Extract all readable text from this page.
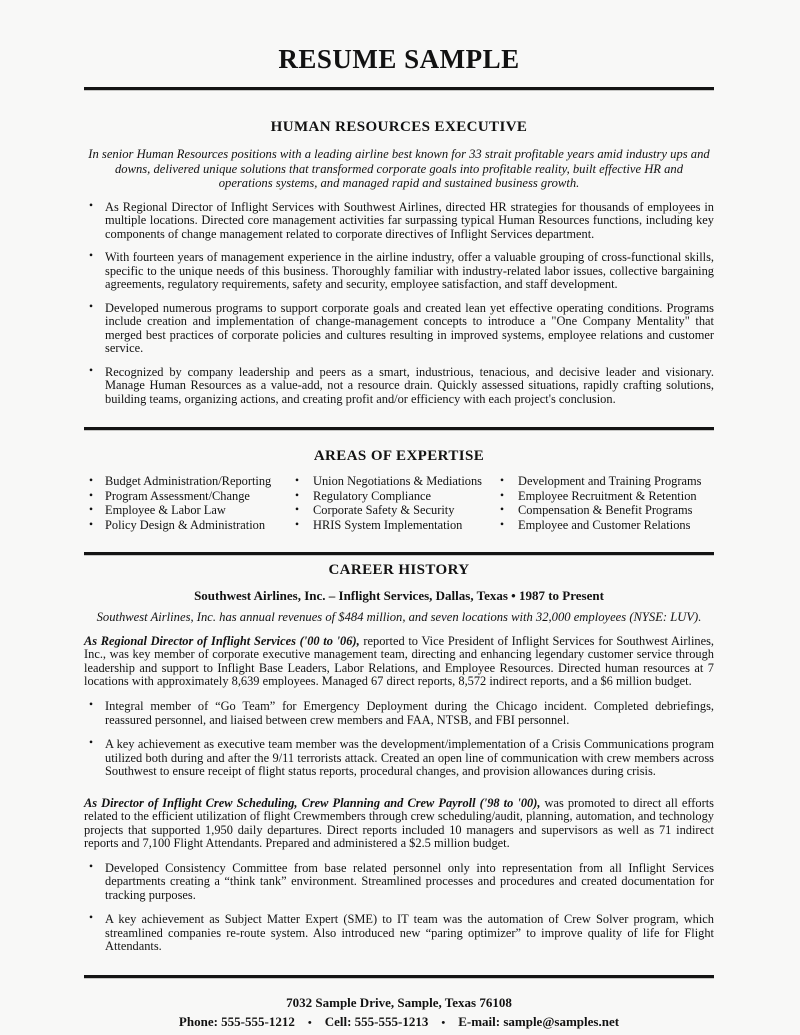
RESUME SAMPLE
HUMAN RESOURCES EXECUTIVE

In senior Human Resources positions with a leading airline best known for 33 strait profitable years amid industry ups and downs, delivered unique solutions that transformed corporate goals into profitable reality, built effective HR and operations systems, and managed rapid and sustained business growth.

• As Regional Director of Inflight Services with Southwest Airlines, directed HR strategies for thousands of employees in multiple locations. Directed core management activities far surpassing typical Human Resources functions, including key components of change management related to corporate directives of Inflight Services department.
• With fourteen years of management experience in the airline industry, offer a valuable grouping of cross-functional skills, specific to the unique needs of this business. Thoroughly familiar with industry-related labor issues, collective bargaining agreements, regulatory requirements, safety and security, employee satisfaction, and staff development.
• Developed numerous programs to support corporate goals and created lean yet effective operating conditions. Programs include creation and implementation of change-management concepts to introduce a "One Company Mentality" that merged best practices of corporate policies and cultures resulting in improved systems, employee relations and customer service.
• Recognized by company leadership and peers as a smart, industrious, tenacious, and decisive leader and visionary. Manage Human Resources as a value-add, not a resource drain. Quickly assessed situations, rapidly crafting solutions, building teams, organizing actions, and creating profit and/or efficiency with each project's conclusion.
AREAS OF EXPERTISE
• Budget Administration/Reporting	• Union Negotiations & Mediations	• Development and Training Programs
• Program Assessment/Change	• Regulatory Compliance	• Employee Recruitment & Retention
• Employee & Labor Law	• Corporate Safety & Security	• Compensation & Benefit Programs
• Policy Design & Administration	• HRIS System Implementation	• Employee and Customer Relations
CAREER HISTORY

Southwest Airlines, Inc. – Inflight Services, Dallas, Texas • 1987 to Present

Southwest Airlines, Inc. has annual revenues of $484 million, and seven locations with 32,000 employees (NYSE: LUV).

As Regional Director of Inflight Services ('00 to '06), reported to Vice President of Inflight Services for Southwest Airlines, Inc., was key member of corporate executive management team, directing and enhancing legendary customer service through leadership and support to Inflight Base Leaders, Labor Relations, and Employee Resources. Directed human resources at 7 locations with approximately 8,639 employees. Managed 67 direct reports, 8,572 indirect reports, and a $6 million budget.

• Integral member of “Go Team” for Emergency Deployment during the Chicago incident. Completed debriefings, reassured personnel, and liaised between crew members and FAA, NTSB, and FBI personnel.
• A key achievement as executive team member was the development/implementation of a Crisis Communications program utilized both during and after the 9/11 terrorists attack. Created an open line of communication with crew members across Southwest to ensure receipt of flight status reports, procedural changes, and provision allowances during crisis.

As Director of Inflight Crew Scheduling, Crew Planning and Crew Payroll ('98 to '00), was promoted to direct all efforts related to the efficient utilization of flight Crewmembers through crew scheduling/audit, planning, automation, and technology projects that supported 1,950 daily departures. Direct reports included 10 managers and supervisors as well as 71 indirect reports and 7,100 Flight Attendants. Prepared and administered a $2.5 million budget.

• Developed Consistency Committee from base related personnel only into representation from all Inflight Services departments creating a “think tank” environment. Streamlined processes and procedures and created documentation for tracking purposes.
• A key achievement as Subject Matter Expert (SME) to IT team was the automation of Crew Solver program, which streamlined companies re-route system. Also introduced new “paring optimizer” to improve quality of life for Flight Attendants.

7032 Sample Drive, Sample, Texas 76108

Phone: 555-555-1212 • Cell: 555-555-1213 • E-mail: sample@samples.net
